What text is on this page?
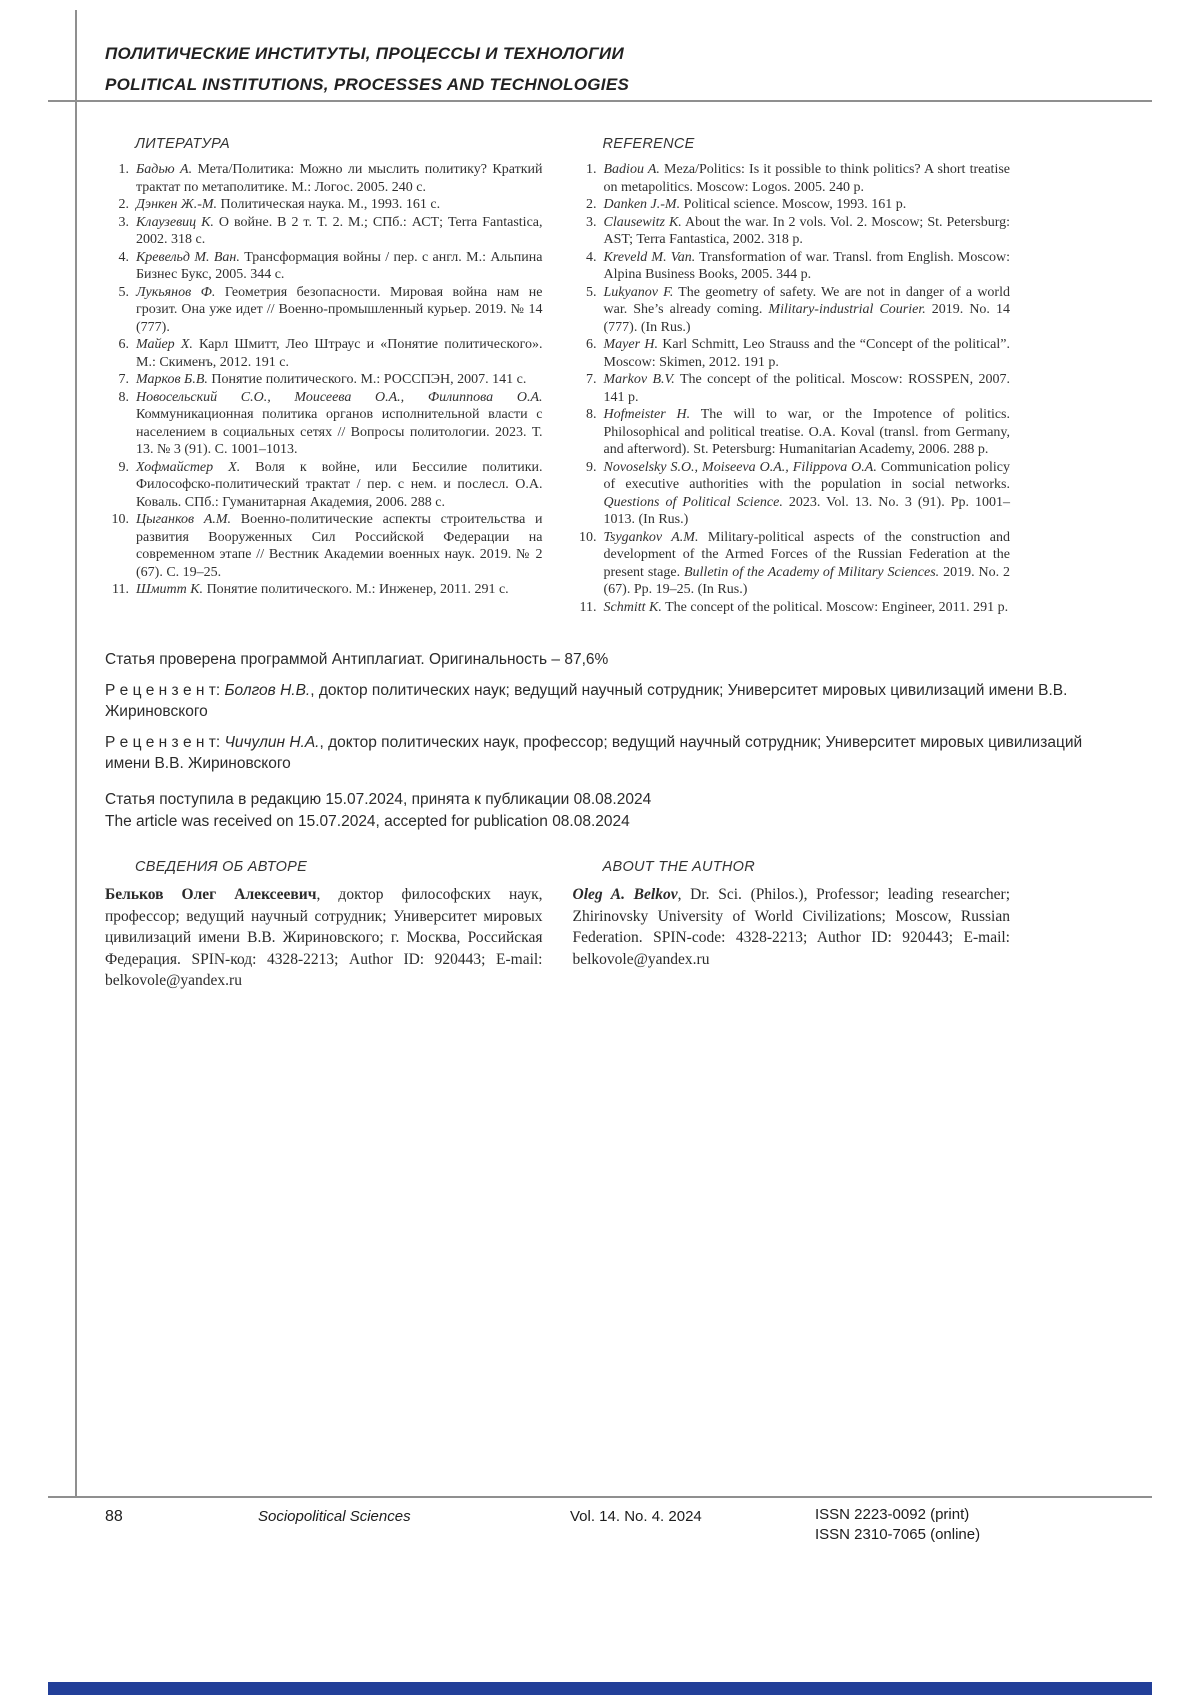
ПОЛИТИЧЕСКИЕ ИНСТИТУТЫ, ПРОЦЕССЫ И ТЕХНОЛОГИИ
POLITICAL INSTITUTIONS, PROCESSES AND TECHNOLOGIES
ЛИТЕРАТУРА
1. Бадью А. Мета/Политика: Можно ли мыслить политику? Краткий трактат по метаполитике. М.: Логос. 2005. 240 с.
2. Дэнкен Ж.-М. Политическая наука. М., 1993. 161 с.
3. Клаузевиц К. О войне. В 2 т. Т. 2. М.; СПб.: АСТ; Terra Fantastica, 2002. 318 с.
4. Кревельд М. Ван. Трансформация войны / пер. с англ. М.: Альпина Бизнес Букс, 2005. 344 с.
5. Лукьянов Ф. Геометрия безопасности. Мировая война нам не грозит. Она уже идет // Военно-промышленный курьер. 2019. № 14 (777).
6. Майер Х. Карл Шмитт, Лео Штраус и «Понятие политического». М.: Скименъ, 2012. 191 с.
7. Марков Б.В. Понятие политического. М.: РОССПЭН, 2007. 141 с.
8. Новосельский С.О., Моисеева О.А., Филиппова О.А. Коммуникационная политика органов исполнительной власти с населением в социальных сетях // Вопросы политологии. 2023. Т. 13. № 3 (91). С. 1001–1013.
9. Хофмайстер Х. Воля к войне, или Бессилие политики. Философско-политический трактат / пер. с нем. и послесл. О.А. Коваль. СПб.: Гуманитарная Академия, 2006. 288 с.
10. Цыганков А.М. Военно-политические аспекты строительства и развития Вооруженных Сил Российской Федерации на современном этапе // Вестник Академии военных наук. 2019. № 2 (67). С. 19–25.
11. Шмитт К. Понятие политического. М.: Инженер, 2011. 291 с.
REFERENCE
1. Badiou A. Meza/Politics: Is it possible to think politics? A short treatise on metapolitics. Moscow: Logos. 2005. 240 p.
2. Danken J.-M. Political science. Moscow, 1993. 161 p.
3. Clausewitz K. About the war. In 2 vols. Vol. 2. Moscow; St. Petersburg: AST; Terra Fantastica, 2002. 318 p.
4. Kreveld M. Van. Transformation of war. Transl. from English. Moscow: Alpina Business Books, 2005. 344 p.
5. Lukyanov F. The geometry of safety. We are not in danger of a world war. She’s already coming. Military-industrial Courier. 2019. No. 14 (777). (In Rus.)
6. Mayer H. Karl Schmitt, Leo Strauss and the “Concept of the political”. Moscow: Skimen, 2012. 191 p.
7. Markov B.V. The concept of the political. Moscow: ROSSPEN, 2007. 141 p.
8. Hofmeister H. The will to war, or the Impotence of politics. Philosophical and political treatise. O.A. Koval (transl. from Germany, and afterword). St. Petersburg: Humanitarian Academy, 2006. 288 p.
9. Novoselsky S.O., Moiseeva O.A., Filippova O.A. Communication policy of executive authorities with the population in social networks. Questions of Political Science. 2023. Vol. 13. No. 3 (91). Pp. 1001–1013. (In Rus.)
10. Tsygankov A.M. Military-political aspects of the construction and development of the Armed Forces of the Russian Federation at the present stage. Bulletin of the Academy of Military Sciences. 2019. No. 2 (67). Pp. 19–25. (In Rus.)
11. Schmitt K. The concept of the political. Moscow: Engineer, 2011. 291 p.

Статья проверена программой Антиплагиат. Оригинальность – 87,6%

Р е ц е н з е н т: Болгов Н.В., доктор политических наук; ведущий научный сотрудник; Университет мировых цивилизаций имени В.В. Жириновского

Р е ц е н з е н т: Чичулин Н.А., доктор политических наук, профессор; ведущий научный сотрудник; Университет мировых цивилизаций имени В.В. Жириновского

Статья поступила в редакцию 15.07.2024, принята к публикации 08.08.2024
The article was received on 15.07.2024, accepted for publication 08.08.2024
СВЕДЕНИЯ ОБ АВТОРЕ

Бельков Олег Алексеевич, доктор философских наук, профессор; ведущий научный сотрудник; Университет мировых цивилизаций имени В.В. Жириновского; г. Москва, Российская Федерация. SPIN-код: 4328-2213; Author ID: 920443; E-mail: belkovole@yandex.ru

ABOUT THE AUTHOR

Oleg A. Belkov, Dr. Sci. (Philos.), Professor; leading researcher; Zhirinovsky University of World Civilizations; Moscow, Russian Federation. SPIN-code: 4328-2213; Author ID: 920443; E-mail: belkovole@yandex.ru

88	Sociopolitical Sciences	Vol. 14. No. 4. 2024	ISSN 2223-0092 (print)
ISSN 2310-7065 (online)
